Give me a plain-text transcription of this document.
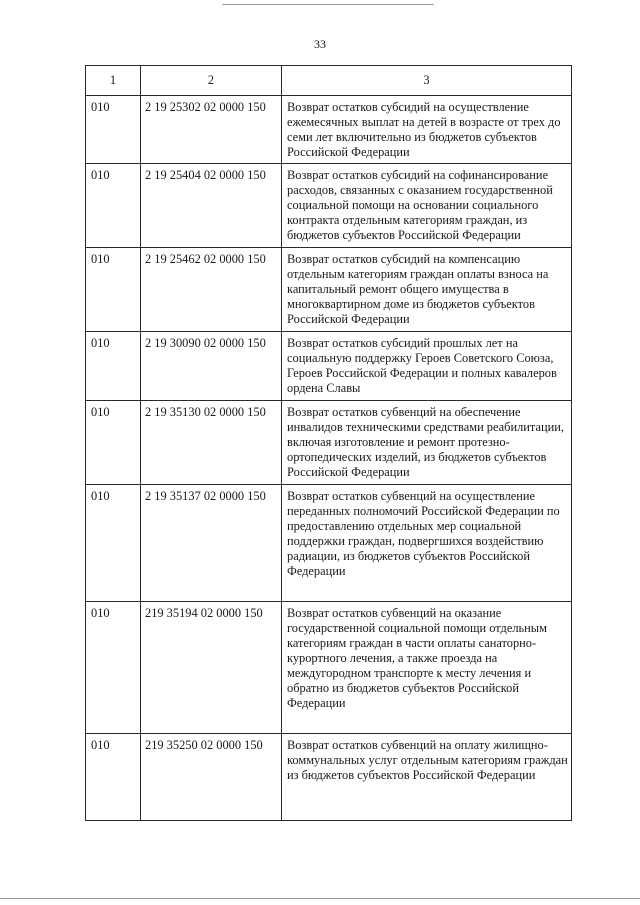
33
1	2	3
010	2 19 25302 02 0000 150	Возврат остатков субсидий на осуществление ежемесячных выплат на детей в возрасте от трех до семи лет включительно из бюджетов субъектов Российской Федерации
010	2 19 25404 02 0000 150	Возврат остатков субсидий на софинансирование расходов, связанных с оказанием государственной социальной помощи на основании социального контракта отдельным категориям граждан, из бюджетов субъектов Российской Федерации
010	2 19 25462 02 0000 150	Возврат остатков субсидий на компенсацию отдельным категориям граждан оплаты взноса на капитальный ремонт общего имущества в многоквартирном доме из бюджетов субъектов Российской Федерации
010	2 19 30090 02 0000 150	Возврат остатков субсидий прошлых лет на социальную поддержку Героев Советского Союза, Героев Российской Федерации и полных кавалеров ордена Славы
010	2 19 35130 02 0000 150	Возврат остатков субвенций на обеспечение инвалидов техническими средствами реабилитации, включая изготовление и ремонт протезно-ортопедических изделий, из бюджетов субъектов Российской Федерации
010	2 19 35137 02 0000 150	Возврат остатков субвенций на осуществление переданных полномочий Российской Федерации по предоставлению отдельных мер социальной поддержки граждан, подвергшихся воздействию радиации, из бюджетов субъектов Российской Федерации
010	219 35194 02 0000 150	Возврат остатков субвенций на оказание государственной социальной помощи отдельным категориям граждан в части оплаты санаторно-курортного лечения, а также проезда на междугородном транспорте к месту лечения и обратно из бюджетов субъектов Российской Федерации
010	219 35250 02 0000 150	Возврат остатков субвенций на оплату жилищно-коммунальных услуг отдельным категориям граждан из бюджетов субъектов Российской Федерации
